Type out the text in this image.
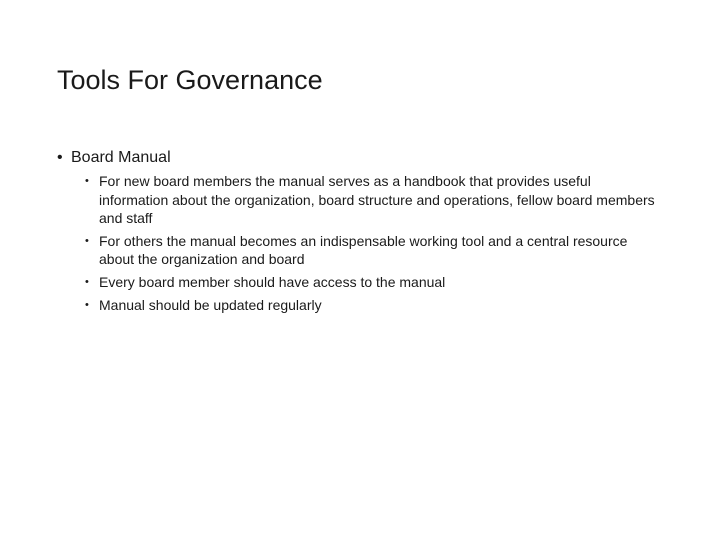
Tools For Governance
• Board Manual
• For new board members the manual serves as a handbook that provides useful information about the organization, board structure and operations, fellow board members and staff
• For others the manual becomes an indispensable working tool and a central resource about the organization and board
• Every board member should have access to the manual
• Manual should be updated regularly
